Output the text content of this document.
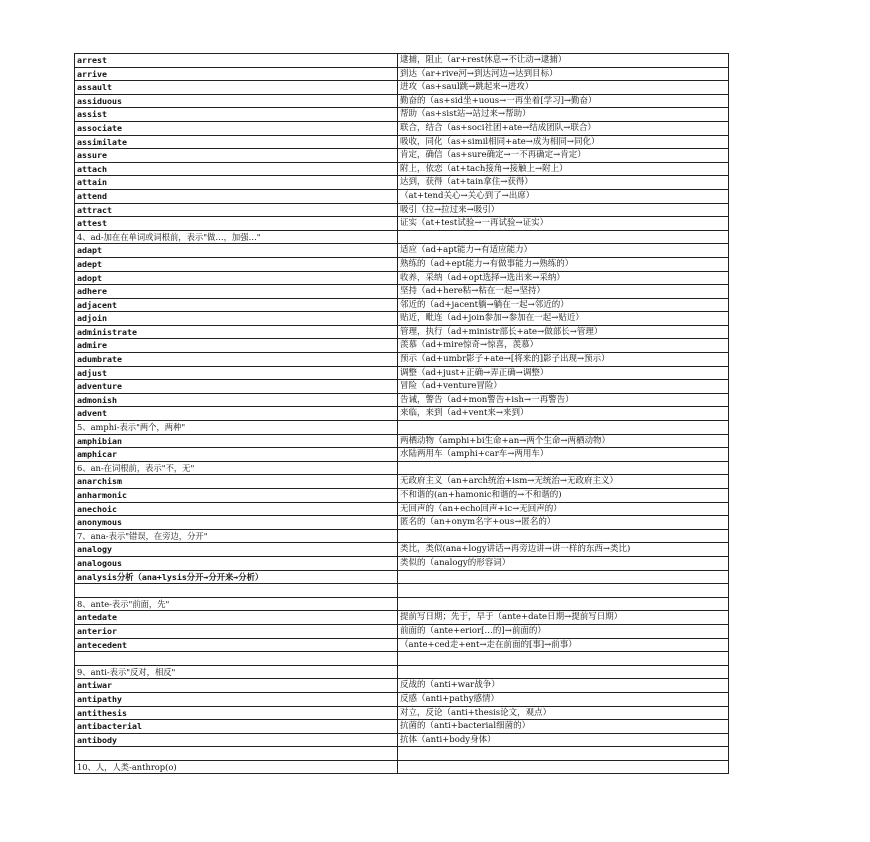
arrest	逮捕，阻止（ar+rest休息→不让动→逮捕）
arrive	到达（ar+rive河→到达河边→达到目标）
assault	进攻（as+saul跳→跳起来→进攻）
assiduous	勤奋的（as+sid坐+uous→一再坐着[学习]→勤奋）
assist	帮助（as+sist站→站过来→帮助）
associate	联合，结合（as+soci社团+ate→结成团队→联合）
assimilate	吸收，同化（as+simil相同+ate→成为相同→同化）
assure	肯定，确信（as+sure确定→一不再确定→肯定）
attach	附上，依恋（at+tach接角→接触上→附上）
attain	达到，获得（at+tain拿住→获得）
attend	（at+tend关心→关心到了→出席）
attract	吸引（拉→拉过来→吸引）
attest	证实（at+test试验→一再试验→证实）
4、ad-加在在单词或词根前，表示"做…，加强…"	
adapt	适应（ad+apt能力→有适应能力）
adept	熟练的（ad+ept能力→有做事能力→熟练的）
adopt	收养，采纳（ad+opt选择→选出来→采纳）
adhere	坚持（ad+here粘→粘在一起→坚持）
adjacent	邻近的（ad+jacent躺→躺在一起→邻近的）
adjoin	贴近，毗连（ad+join参加→参加在一起→贴近）
administrate	管理，执行（ad+ministr部长+ate→做部长→管理）
admire	羡慕（ad+mire惊奇→惊喜，羡慕）
adumbrate	预示（ad+umbr影子+ate→[将来的]影子出现→预示）
adjust	调整（ad+just+正确→弄正确→调整）
adventure	冒险（ad+venture冒险）
admonish	告诫，警告（ad+mon警告+ish→一再警告）
advent	来临，来到（ad+vent来→来到）
5、amphi-表示"两个，两种"	
amphibian	两栖动物（amphi+bi生命+an→两个生命→两栖动物）
amphicar	水陆两用车（amphi+car车→两用车）
6、an-在词根前，表示"不，无"	
anarchism	无政府主义（an+arch统治+ism→无统治→无政府主义）
anharmonic	不和谐的(an+hamonic和谐的→不和谐的)
anechoic	无回声的（an+echo回声+ic→无回声的）
anonymous	匿名的（an+onym名字+ous→匿名的）
7、ana-表示"错误，在旁边，分开"	
analogy	类比，类似(ana+logy讲话→再旁边讲→讲一样的东西→类比)
analogous	类似的（analogy的形容词）
analysis分析（ana+lysis分开→分开来→分析）	

8、ante-表示"前面，先"	
antedate	提前写日期；先于，早于（ante+date日期→提前写日期）
anterior	前面的（ante+erior[…的]→前面的）
antecedent	（ante+ced走+ent→走在前面的[事]→前事）

9、anti-表示"反对，相反"	
antiwar	反战的（anti+war战争）
antipathy	反感（anti+pathy感情）
antithesis	对立，反论（anti+thesis论文，观点）
antibacterial	抗菌的（anti+bacterial细菌的）
antibody	抗体（anti+body身体）

10、人，人类-anthrop(o)	
